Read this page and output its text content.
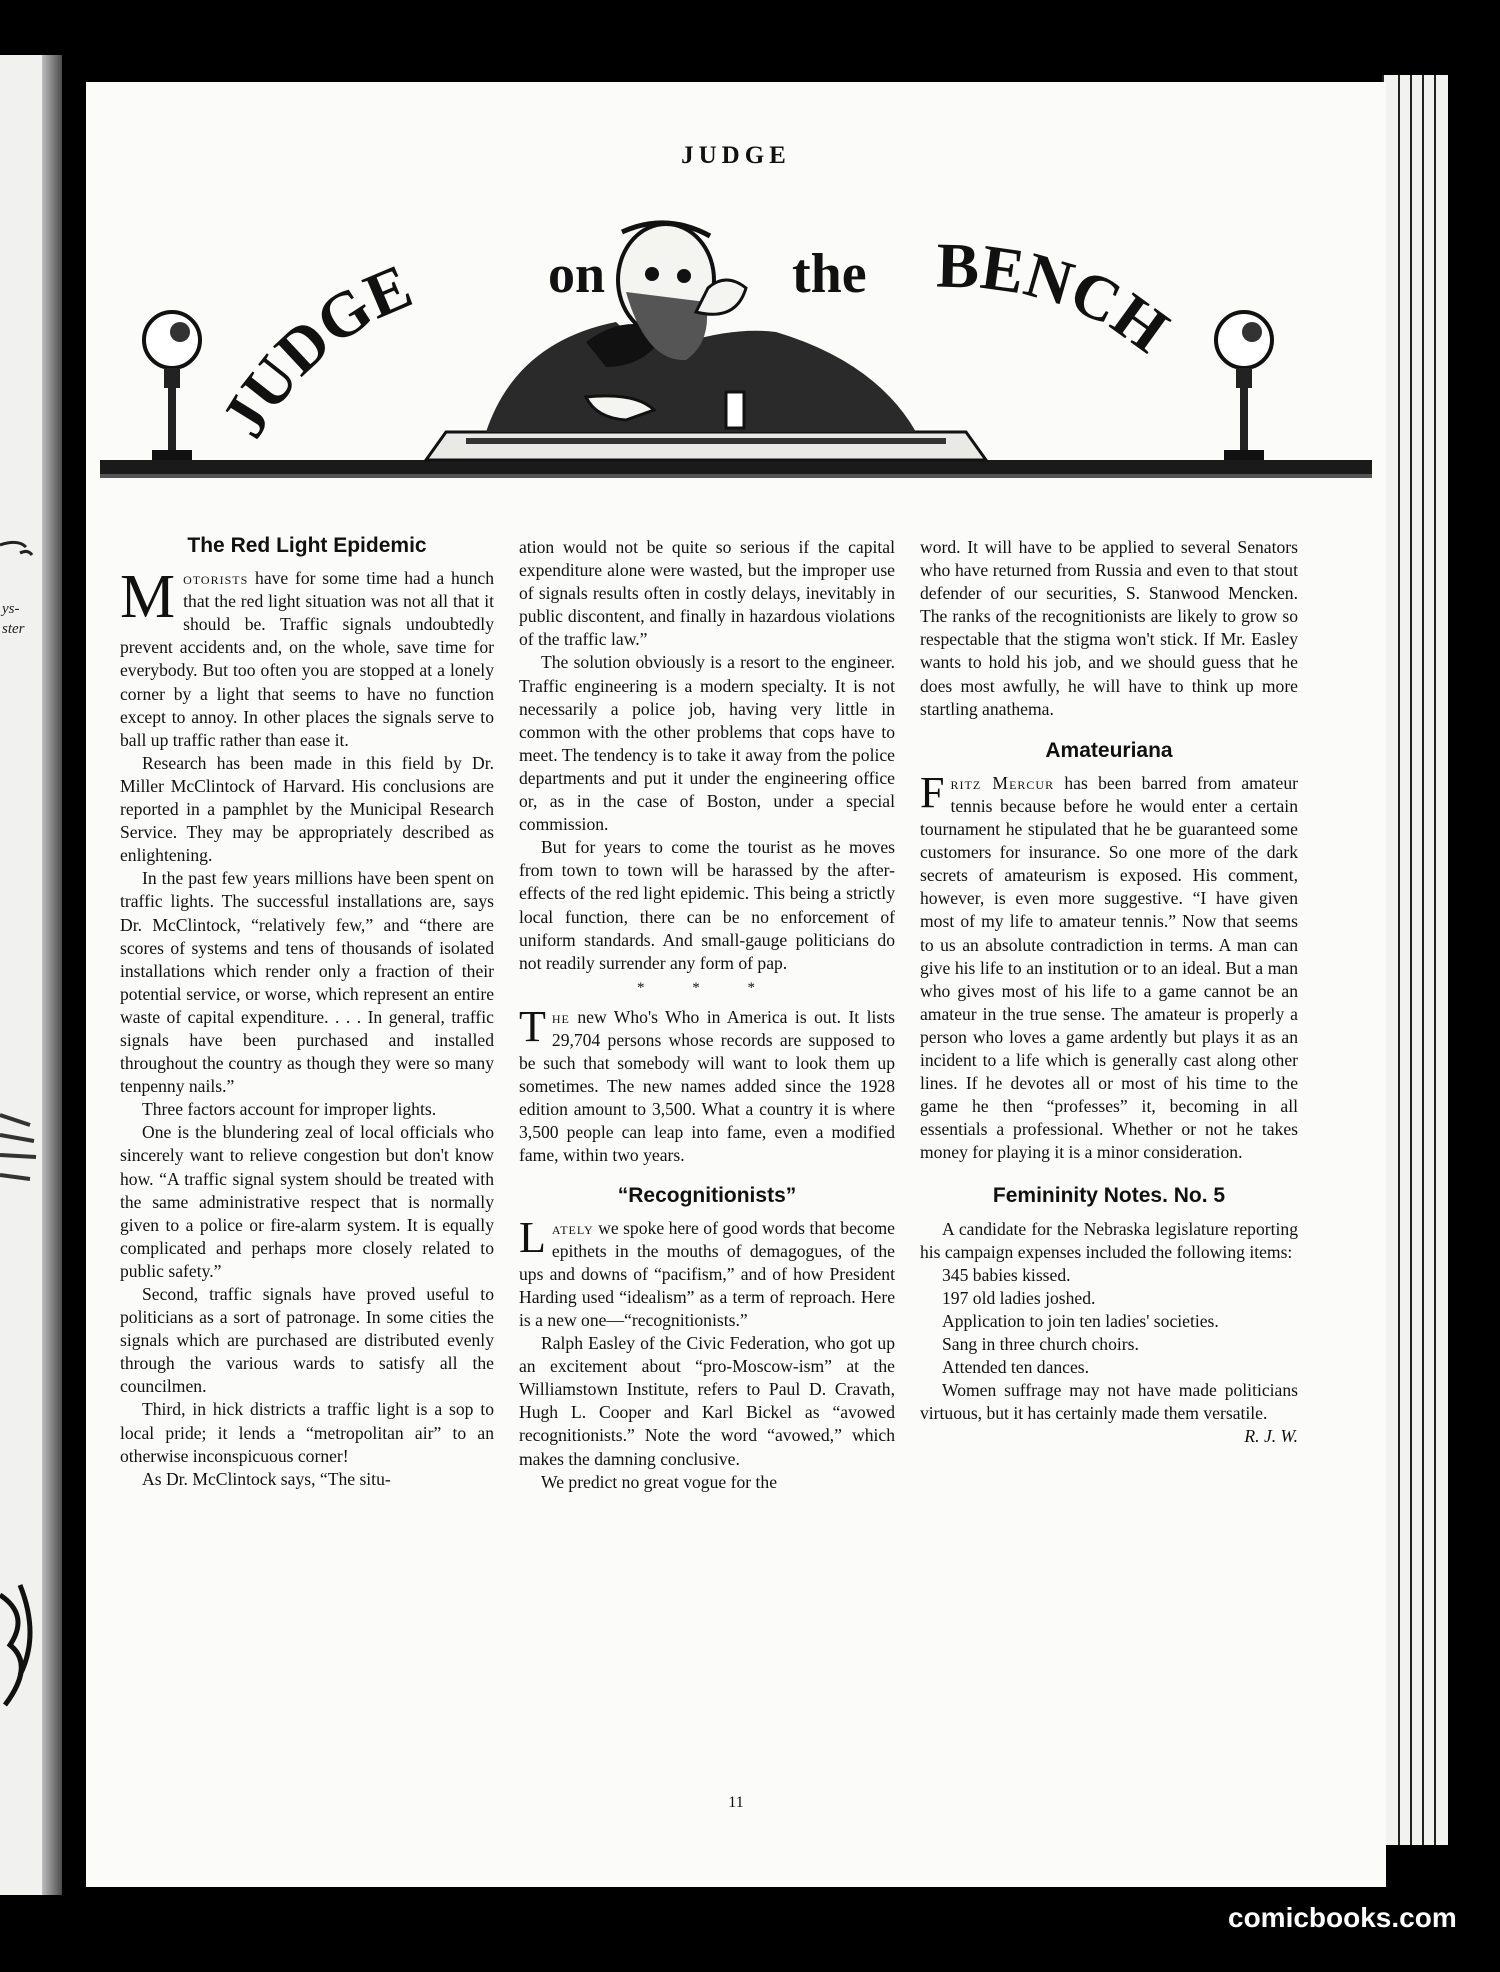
ys-
ster
JUDGE
JUDGE on	the BENCH
The Red Light Epidemic

Motorists have for some time had a hunch that the red light situation was not all that it should be. Traffic signals undoubtedly prevent accidents and, on the whole, save time for everybody. But too often you are stopped at a lonely corner by a light that seems to have no function except to annoy. In other places the signals serve to ball up traffic rather than ease it.

Research has been made in this field by Dr. Miller McClintock of Harvard. His conclusions are reported in a pamphlet by the Municipal Research Service. They may be appropriately described as enlightening.

In the past few years millions have been spent on traffic lights. The successful installations are, says Dr. McClintock, “relatively few,” and “there are scores of systems and tens of thousands of isolated installations which render only a fraction of their potential service, or worse, which represent an entire waste of capital expenditure. . . . In general, traffic signals have been purchased and installed throughout the country as though they were so many tenpenny nails.”

Three factors account for improper lights.

One is the blundering zeal of local officials who sincerely want to relieve congestion but don't know how. “A traffic signal system should be treated with the same administrative respect that is normally given to a police or fire-alarm system. It is equally complicated and perhaps more closely related to public safety.”

Second, traffic signals have proved useful to politicians as a sort of patronage. In some cities the signals which are purchased are distributed evenly through the various wards to satisfy all the councilmen.

Third, in hick districts a traffic light is a sop to local pride; it lends a “metropolitan air” to an otherwise inconspicuous corner!

As Dr. McClintock says, “The situ-

ation would not be quite so serious if the capital expenditure alone were wasted, but the improper use of signals results often in costly delays, inevitably in public discontent, and finally in hazardous violations of the traffic law.”

The solution obviously is a resort to the engineer. Traffic engineering is a modern specialty. It is not necessarily a police job, having very little in common with the other problems that cops have to meet. The tendency is to take it away from the police departments and put it under the engineering office or, as in the case of Boston, under a special commission.

But for years to come the tourist as he moves from town to town will be harassed by the after-effects of the red light epidemic. This being a strictly local function, there can be no enforcement of uniform standards. And small-gauge politicians do not readily surrender any form of pap.

* * *

The new Who's Who in America is out. It lists 29,704 persons whose records are supposed to be such that somebody will want to look them up sometimes. The new names added since the 1928 edition amount to 3,500. What a country it is where 3,500 people can leap into fame, even a modified fame, within two years.

“Recognitionists”

Lately we spoke here of good words that become epithets in the mouths of demagogues, of the ups and downs of “pacifism,” and of how President Harding used “idealism” as a term of reproach. Here is a new one—“recognitionists.”

Ralph Easley of the Civic Federation, who got up an excitement about “pro-Moscow-ism” at the Williamstown Institute, refers to Paul D. Cravath, Hugh L. Cooper and Karl Bickel as “avowed recognitionists.” Note the word “avowed,” which makes the damning conclusive.

We predict no great vogue for the

word. It will have to be applied to several Senators who have returned from Russia and even to that stout defender of our securities, S. Stanwood Mencken. The ranks of the recognitionists are likely to grow so respectable that the stigma won't stick. If Mr. Easley wants to hold his job, and we should guess that he does most awfully, he will have to think up more startling anathema.

Amateuriana

Fritz Mercur has been barred from amateur tennis because before he would enter a certain tournament he stipulated that he be guaranteed some customers for insurance. So one more of the dark secrets of amateurism is exposed. His comment, however, is even more suggestive. “I have given most of my life to amateur tennis.” Now that seems to us an absolute contradiction in terms. A man can give his life to an institution or to an ideal. But a man who gives most of his life to a game cannot be an amateur in the true sense. The amateur is properly a person who loves a game ardently but plays it as an incident to a life which is generally cast along other lines. If he devotes all or most of his time to the game he then “professes” it, becoming in all essentials a professional. Whether or not he takes money for playing it is a minor consideration.

Femininity Notes. No. 5

A candidate for the Nebraska legislature reporting his campaign expenses included the following items:

345 babies kissed.

197 old ladies joshed.

Application to join ten ladies' societies.

Sang in three church choirs.

Attended ten dances.

Women suffrage may not have made politicians virtuous, but it has certainly made them versatile.

R. J. W.

11
comicbooks.com
